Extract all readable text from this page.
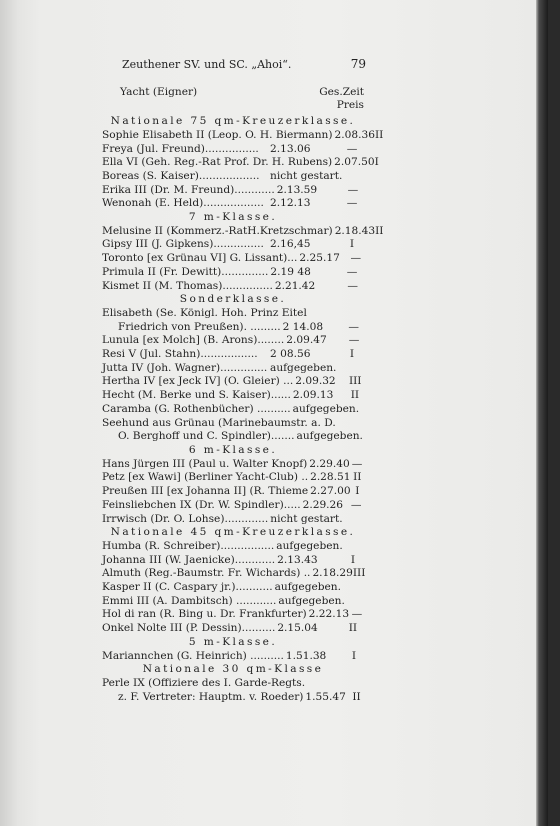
Zeuthener SV. und SC. „Ahoi“.	79
Yacht (Eigner)	Ges.Zeit Preis
Nationale 75 qm-Kreuzerklasse.
Sophie Elisabeth II (Leop. O. H. Biermann) 2.08.36 II
Freya (Jul. Freund)................	2.13.06	—
Ella VI (Geh. Reg.-Rat Prof. Dr. H. Rubens) 2.07.50 I
Boreas (S. Kaiser).................. nicht gestart.
Erika III (Dr. M. Freund)............ 2.13.59	—
Wenonah (E. Held).................. 2.12.13	—
7 m-Klasse.
Melusine II (Kommerz.-RatH.Kretzschmar) 2.18.43 II
Gipsy III (J. Gipkens)............... 2.16,45	I
Toronto [ex Grünau VI] G. Lissant)... 2.25.17	—
Primula II (Fr. Dewitt).............. 2.19 48	—
Kismet II (M. Thomas)............... 2.21.42	—
Sonderklasse.
Elisabeth (Se. Königl. Hoh. Prinz Eitel
Friedrich von Preußen). ......... 2 14.08	—
Lunula [ex Molch] (B. Arons)........ 2.09.47	—
Resi V (Jul. Stahn).................	2 08.56	I
Jutta IV (Joh. Wagner).............. aufgegeben.
Hertha IV [ex Jeck IV] (O. Gleier) ... 2.09.32	III
Hecht (M. Berke und S. Kaiser)...... 2.09.13	II
Caramba (G. Rothenbücher) .......... aufgegeben.
Seehund aus Grünau (Marinebaumstr. a. D.
O. Berghoff und C. Spindler)....... aufgegeben.
6 m-Klasse.
Hans Jürgen III (Paul u. Walter Knopf) 2.29.40 —
Petz [ex Wawi] (Berliner Yacht-Club) .. 2.28.51 II
Preußen III [ex Johanna II] (R. Thieme 2.27.00 I
Feinsliebchen IX (Dr. W. Spindler)..... 2.29.26 —
Irrwisch (Dr. O. Lohse)............. nicht gestart.
Nationale 45 qm-Kreuzerklasse.
Humba (R. Schreiber)................ aufgegeben.
Johanna III (W. Jaenicke)............ 2.13.43	I
Almuth (Reg.-Baumstr. Fr. Wichards) .. 2.18.29 III
Kasper II (C. Caspary jr.)........... aufgegeben.
Emmi III (A. Dambitsch) ............ aufgegeben.
Hol di ran (R. Bing u. Dr. Frankfurter) 2.22.13 —
Onkel Nolte III (P. Dessin).......... 2.15.04	II
5 m-Klasse.
Mariannchen (G. Heinrich) .......... 1.51.38	I
Nationale 30 qm-Klasse
Perle IX (Offiziere des I. Garde-Regts.
z. F. Vertreter: Hauptm. v. Roeder) 1.55.47 II
